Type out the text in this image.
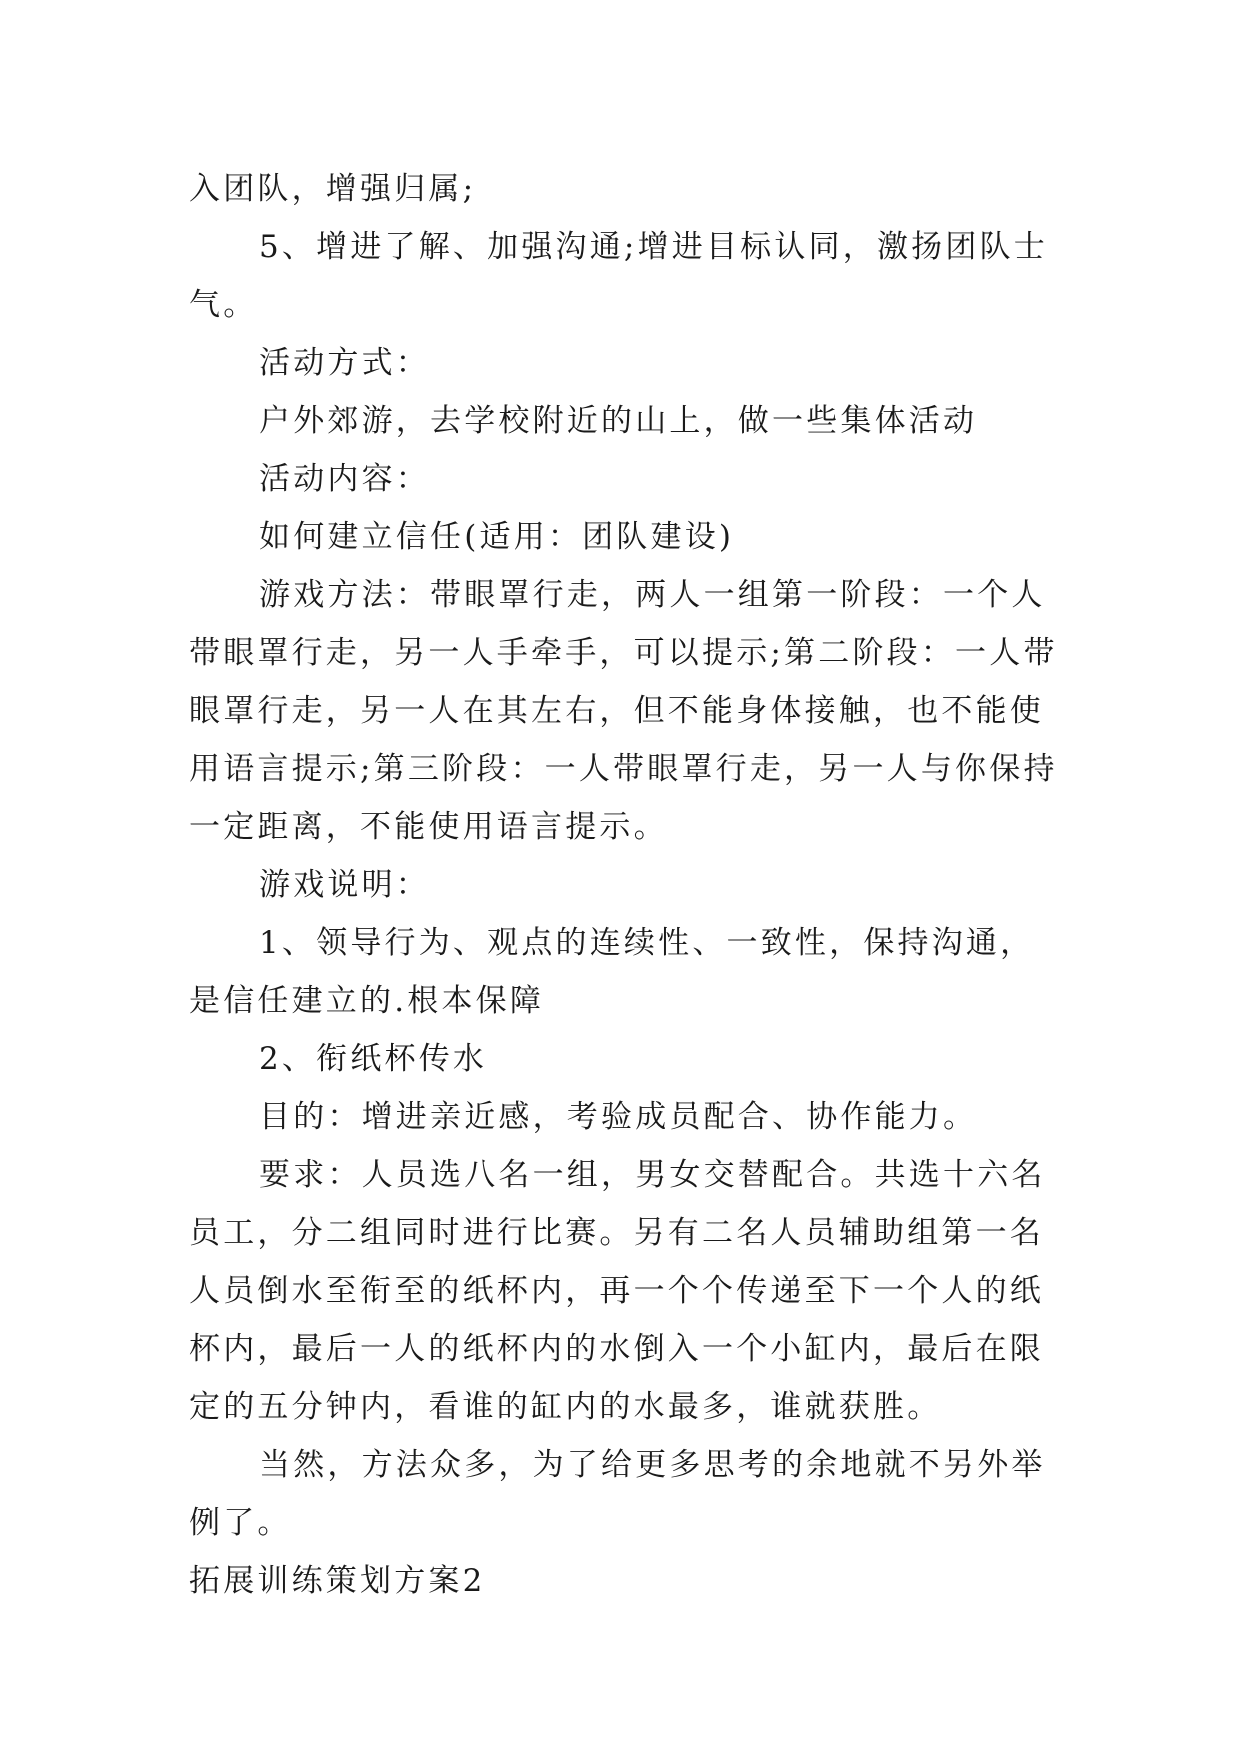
入团队，增强归属;

5、增进了解、加强沟通;增进目标认同，激扬团队士气。

活动方式：

户外郊游，去学校附近的山上，做一些集体活动

活动内容：

如何建立信任(适用：团队建设)

游戏方法：带眼罩行走，两人一组第一阶段：一个人带眼罩行走，另一人手牵手，可以提示;第二阶段：一人带眼罩行走，另一人在其左右，但不能身体接触，也不能使用语言提示;第三阶段：一人带眼罩行走，另一人与你保持一定距离，不能使用语言提示。

游戏说明：

1、领导行为、观点的连续性、一致性，保持沟通，是信任建立的.根本保障

2、衔纸杯传水

目的：增进亲近感，考验成员配合、协作能力。

要求：人员选八名一组，男女交替配合。共选十六名员工，分二组同时进行比赛。另有二名人员辅助组第一名人员倒水至衔至的纸杯内，再一个个传递至下一个人的纸杯内，最后一人的纸杯内的水倒入一个小缸内，最后在限定的五分钟内，看谁的缸内的水最多，谁就获胜。

当然，方法众多，为了给更多思考的余地就不另外举例了。

拓展训练策划方案2
